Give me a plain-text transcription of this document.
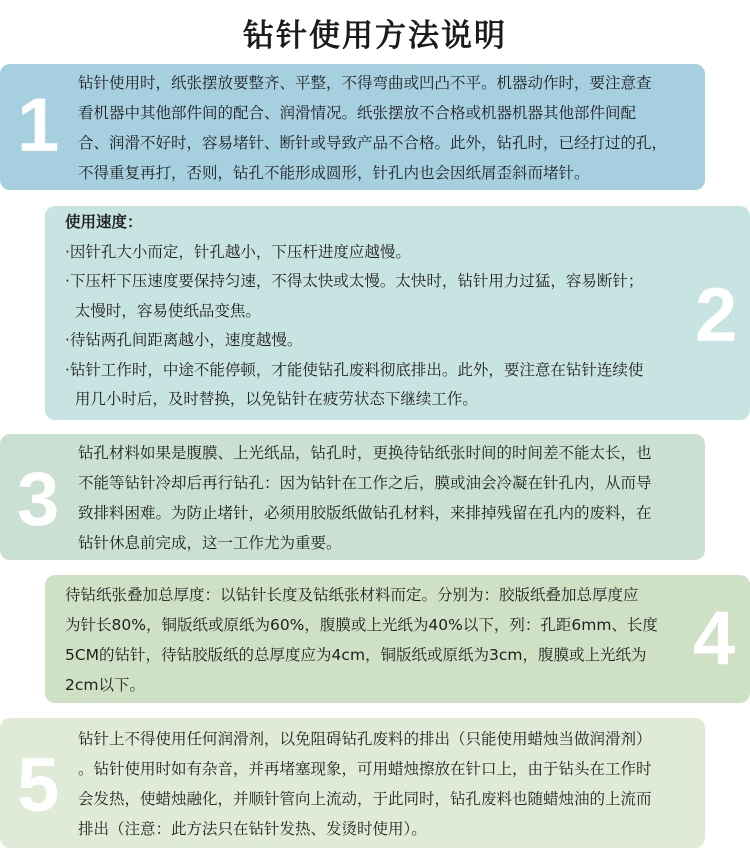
钻针使用方法说明
1 钻针使用时，纸张摆放要整齐、平整，不得弯曲或凹凸不平。机器动作时，要注意查

看机器中其他部件间的配合、润滑情况。纸张摆放不合格或机器机器其他部件间配

合、润滑不好时，容易堵针、断针或导致产品不合格。此外，钻孔时，已经打过的孔，

不得重复再打，否则，钻孔不能形成圆形，针孔内也会因纸屑歪斜而堵针。

2

使用速度：

·因针孔大小而定，针孔越小，下压杆进度应越慢。

·下压杆下压速度要保持匀速，不得太快或太慢。太快时，钻针用力过猛，容易断针；

太慢时，容易使纸品变焦。

·待钻两孔间距离越小，速度越慢。

·钻针工作时，中途不能停顿，才能使钻孔废料彻底排出。此外，要注意在钻针连续使

用几小时后，及时替换，以免钻针在疲劳状态下继续工作。

3

钻孔材料如果是腹膜、上光纸品，钻孔时，更换待钻纸张时间的时间差不能太长，也

不能等钻针冷却后再行钻孔：因为钻针在工作之后，膜或油会冷凝在针孔内，从而导

致排料困难。为防止堵针，必须用胶版纸做钻孔材料，来排掉残留在孔内的废料，在

钻针休息前完成，这一工作尤为重要。

4

待钻纸张叠加总厚度：以钻针长度及钻纸张材料而定。分别为：胶版纸叠加总厚度应

为针长80%，铜版纸或原纸为60%，腹膜或上光纸为40%以下，列：孔距6mm、长度

5CM的钻针，待钻胶版纸的总厚度应为4cm，铜版纸或原纸为3cm，腹膜或上光纸为

2cm以下。

5

钻针上不得使用任何润滑剂，以免阻碍钻孔废料的排出（只能使用蜡烛当做润滑剂）

。钻针使用时如有杂音，并再堵塞现象，可用蜡烛擦放在针口上，由于钻头在工作时

会发热，使蜡烛融化，并顺针管向上流动，于此同时，钻孔废料也随蜡烛油的上流而

排出（注意：此方法只在钻针发热、发烫时使用）。
